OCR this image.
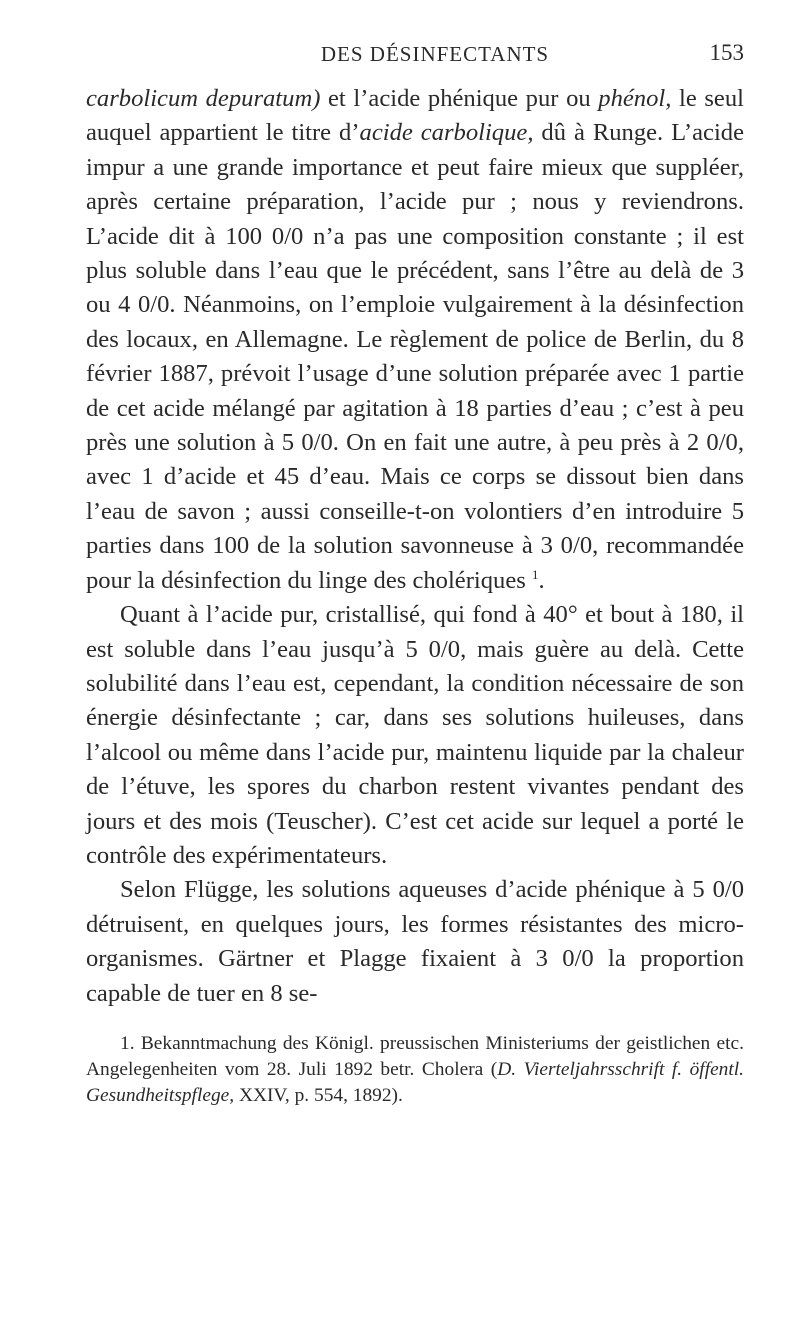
DES DÉSINFECTANTS	153

carbolicum depuratum) et l’acide phénique pur ou phénol, le seul auquel appartient le titre d’acide carbolique, dû à Runge. L’acide impur a une grande importance et peut faire mieux que suppléer, après certaine préparation, l’acide pur ; nous y reviendrons. L’acide dit à 100 0/0 n’a pas une composition constante ; il est plus soluble dans l’eau que le précédent, sans l’être au delà de 3 ou 4 0/0. Néanmoins, on l’emploie vulgairement à la désinfection des locaux, en Allemagne. Le règlement de police de Berlin, du 8 février 1887, prévoit l’usage d’une solution préparée avec 1 partie de cet acide mélangé par agitation à 18 parties d’eau ; c’est à peu près une solution à 5 0/0. On en fait une autre, à peu près à 2 0/0, avec 1 d’acide et 45 d’eau. Mais ce corps se dissout bien dans l’eau de savon ; aussi conseille-t-on volontiers d’en introduire 5 parties dans 100 de la solution savonneuse à 3 0/0, recommandée pour la désinfection du linge des cholériques $^1$.

Quant à l’acide pur, cristallisé, qui fond à 40° et bout à 180, il est soluble dans l’eau jusqu’à 5 0/0, mais guère au delà. Cette solubilité dans l’eau est, cependant, la condition nécessaire de son énergie désinfectante ; car, dans ses solutions huileuses, dans l’alcool ou même dans l’acide pur, maintenu liquide par la chaleur de l’étuve, les spores du charbon restent vivantes pendant des jours et des mois (Teuscher). C’est cet acide sur lequel a porté le contrôle des expérimentateurs.

Selon Flügge, les solutions aqueuses d’acide phénique à 5 0/0 détruisent, en quelques jours, les formes résistantes des micro-organismes. Gärtner et Plagge fixaient à 3 0/0 la proportion capable de tuer en 8 se-

1. Bekanntmachung des Königl. preussischen Ministeriums der geistlichen etc. Angelegenheiten vom 28. Juli 1892 betr. Cholera (D. Vierteljahrsschrift f. öffentl. Gesundheitspflege, XXIV, p. 554, 1892).
